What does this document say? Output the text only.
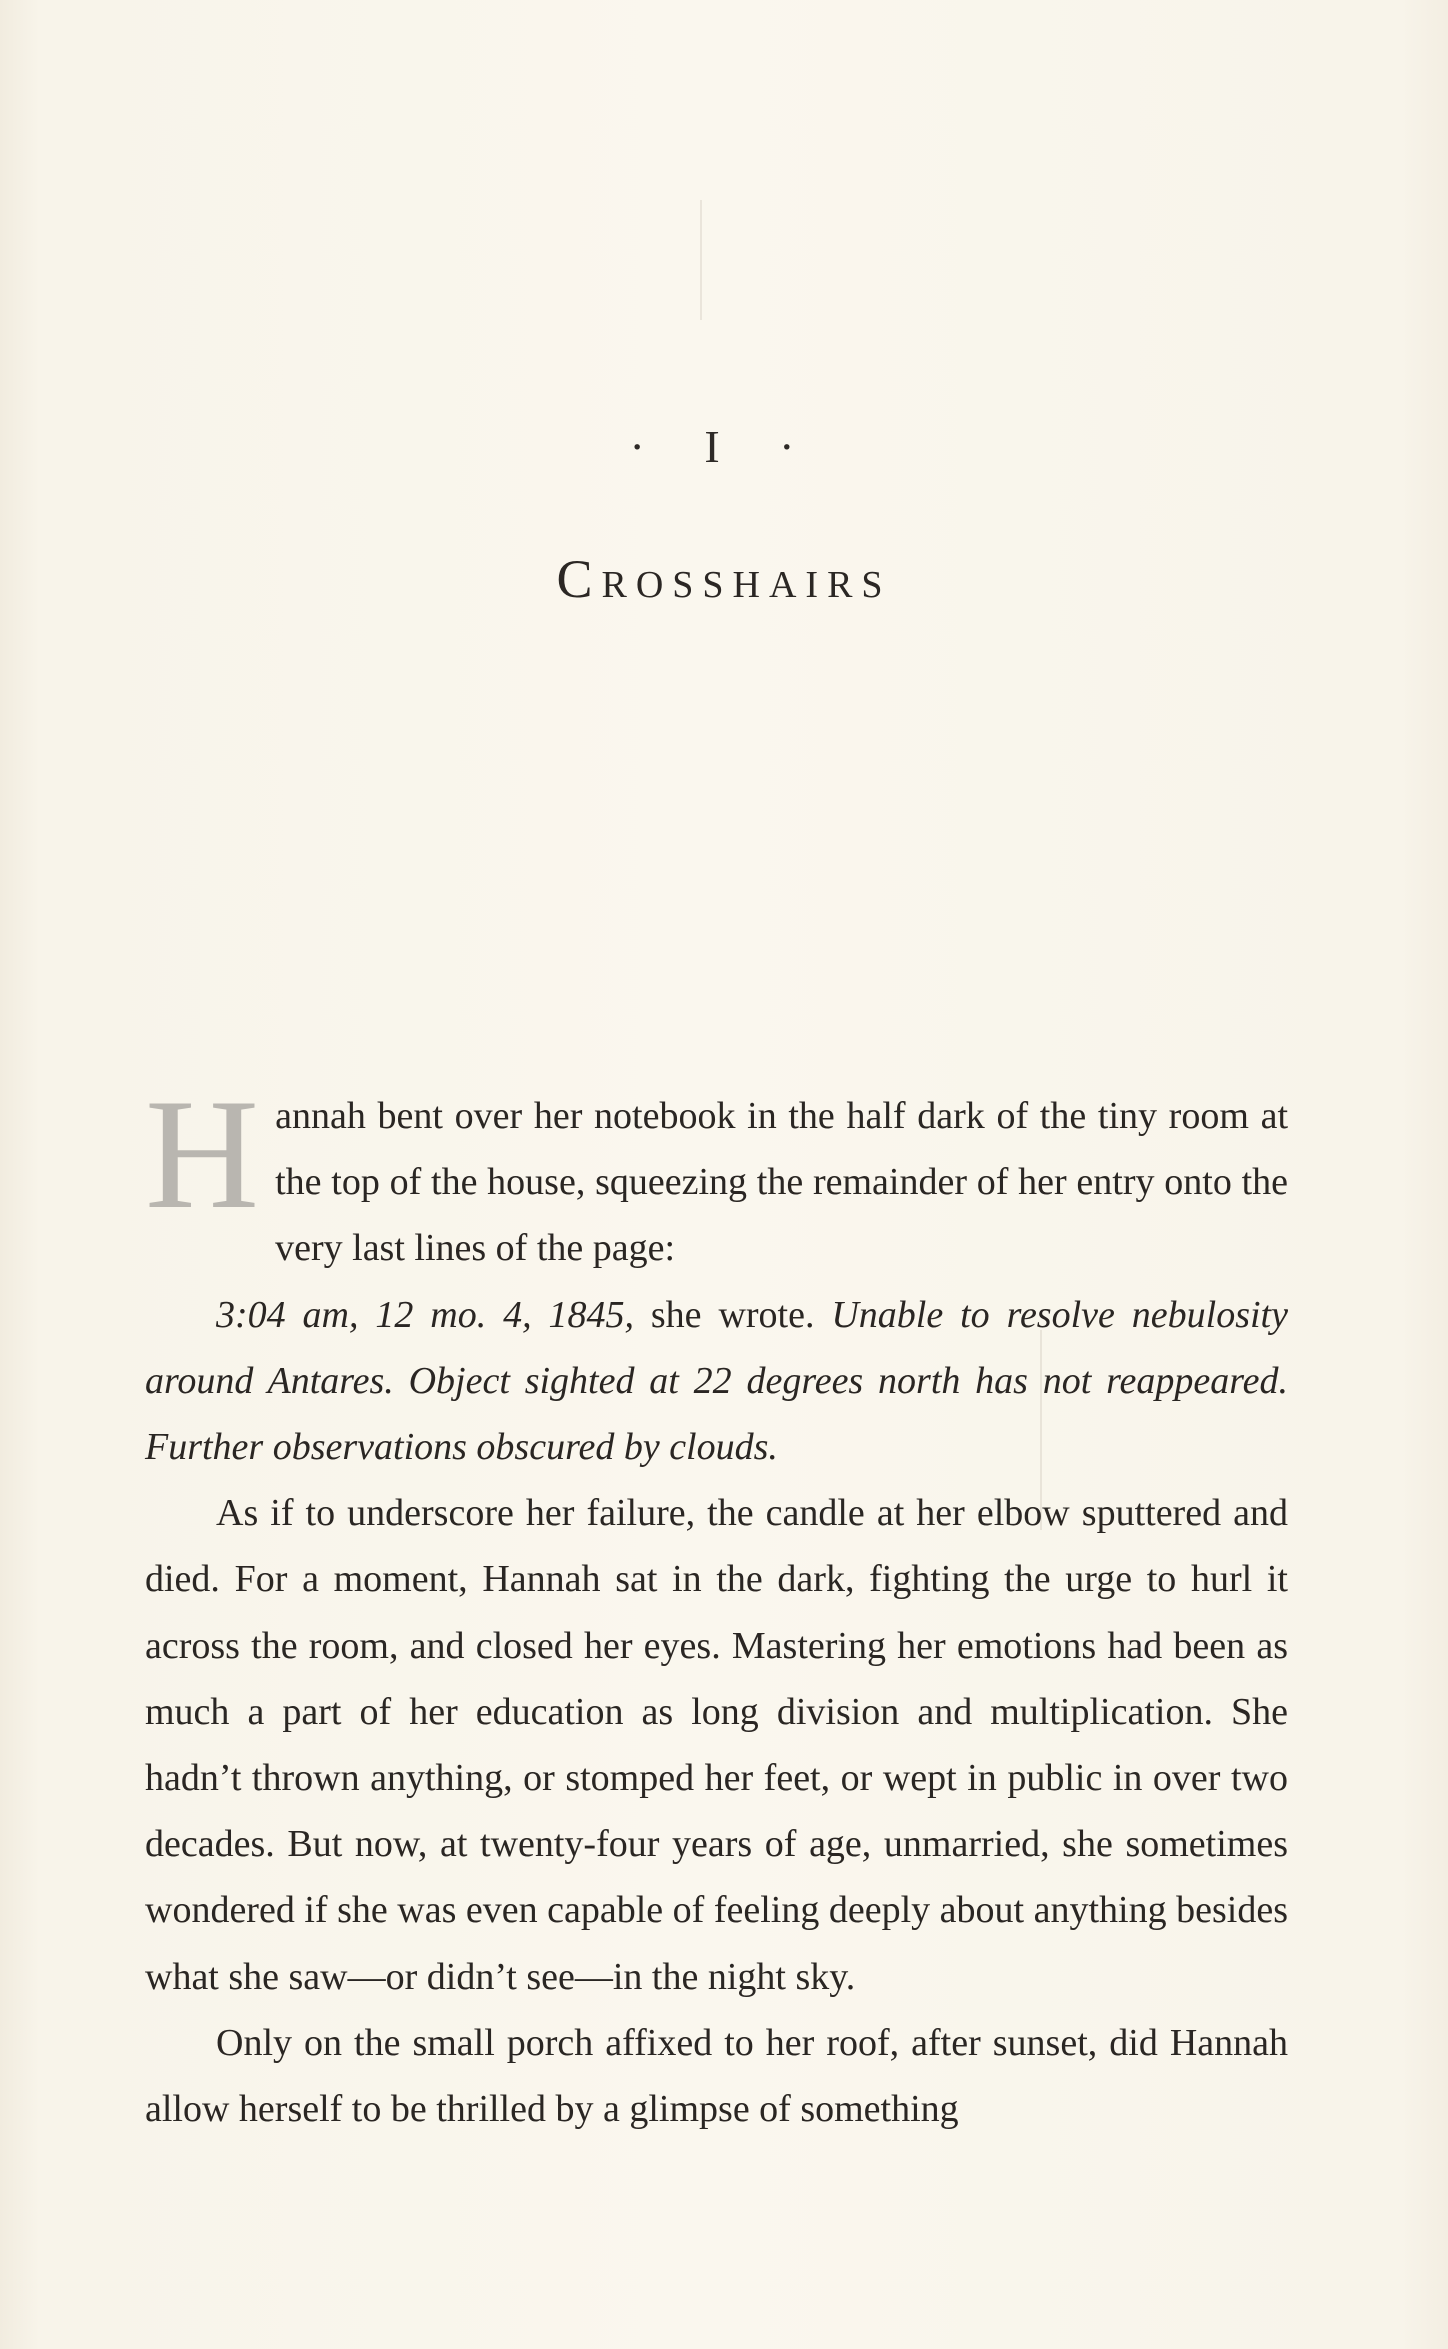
· I ·
Crosshairs

Hannah bent over her notebook in the half dark of the tiny room at the top of the house, squeezing the remainder of her entry onto the very last lines of the page:

3:04 am, 12 mo. 4, 1845, she wrote. Unable to resolve nebulosity around Antares. Object sighted at 22 degrees north has not reappeared. Further observations obscured by clouds.

As if to underscore her failure, the candle at her elbow sputtered and died. For a moment, Hannah sat in the dark, fighting the urge to hurl it across the room, and closed her eyes. Mastering her emotions had been as much a part of her education as long division and multiplication. She hadn’t thrown anything, or stomped her feet, or wept in public in over two decades. But now, at twenty-four years of age, unmarried, she sometimes wondered if she was even capable of feeling deeply about anything besides what she saw—or didn’t see—in the night sky.

Only on the small porch affixed to her roof, after sunset, did Hannah allow herself to be thrilled by a glimpse of something
